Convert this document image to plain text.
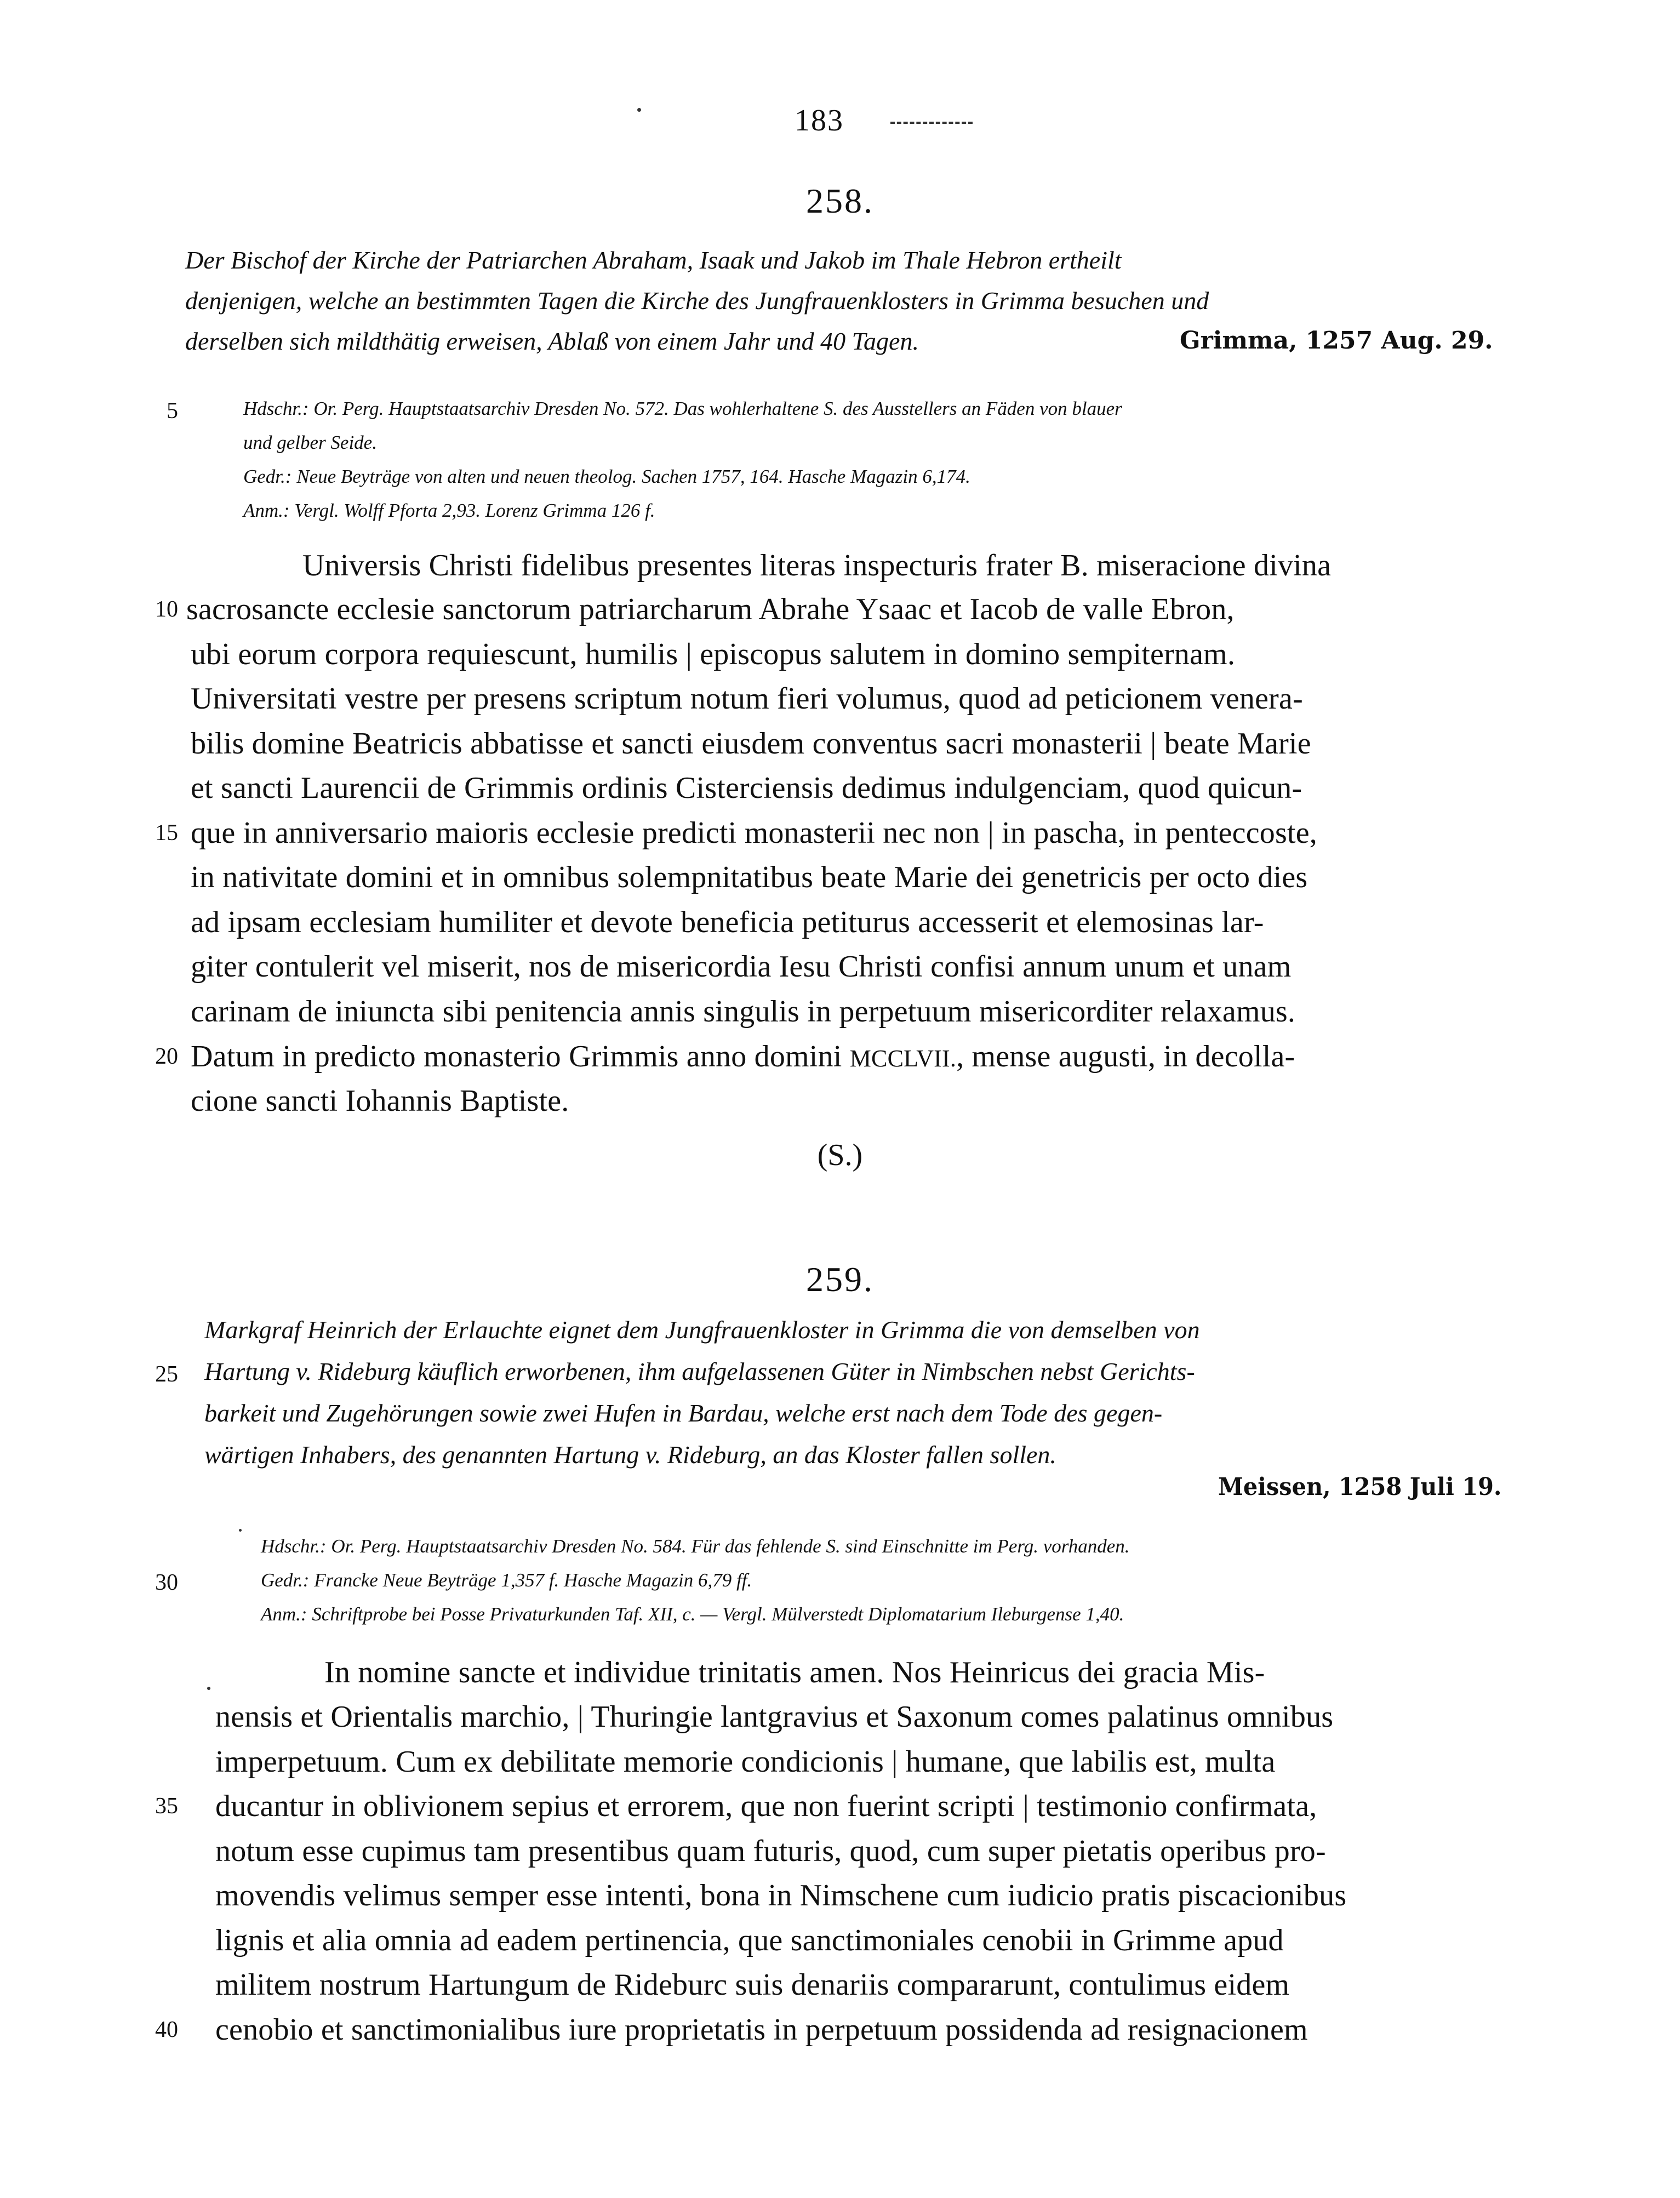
183
258.
Der Bischof der Kirche der Patriarchen Abraham, Isaak und Jakob im Thale Hebron ertheilt
denjenigen, welche an bestimmten Tagen die Kirche des Jungfrauenklosters in Grimma besuchen und
derselben sich mildthätig erweisen, Ablaß von einem Jahr und 40 Tagen.	Grimma, 1257 Aug. 29.
5	Hdschr.: Or. Perg. Hauptstaatsarchiv Dresden No. 572. Das wohlerhaltene S. des Ausstellers an Fäden von blauer
und gelber Seide.
Gedr.: Neue Beyträge von alten und neuen theolog. Sachen 1757, 164. Hasche Magazin 6,174.
Anm.: Vergl. Wolff Pforta 2,93. Lorenz Grimma 126 f.
Universis Christi fidelibus presentes literas inspecturis frater B. miseracione divina
10 sacrosancte ecclesie sanctorum patriarcharum Abrahe Ysaac et Iacob de valle Ebron,
ubi eorum corpora requiescunt, humilis | episcopus salutem in domino sempiternam.
Universitati vestre per presens scriptum notum fieri volumus, quod ad peticionem venera-
bilis domine Beatricis abbatisse et sancti eiusdem conventus sacri monasterii | beate Marie
et sancti Laurencii de Grimmis ordinis Cisterciensis dedimus indulgenciam, quod quicun-
15 que in anniversario maioris ecclesie predicti monasterii nec non | in pascha, in penteccoste,
in nativitate domini et in omnibus solempnitatibus beate Marie dei genetricis per octo dies
ad ipsam ecclesiam humiliter et devote beneficia petiturus accesserit et elemosinas lar-
giter contulerit vel miserit, nos de misericordia Iesu Christi confisi annum unum et unam
carinam de iniuncta sibi penitencia annis singulis in perpetuum misericorditer relaxamus.
20 Datum in predicto monasterio Grimmis anno domini MCCLVII., mense augusti, in decolla-
cione sancti Iohannis Baptiste.
(S.)
259.
Markgraf Heinrich der Erlauchte eignet dem Jungfrauenkloster in Grimma die von demselben von
25 Hartung v. Rideburg käuflich erworbenen, ihm aufgelassenen Güter in Nimbschen nebst Gerichts-
barkeit und Zugehörungen sowie zwei Hufen in Bardau, welche erst nach dem Tode des gegen-
wärtigen Inhabers, des genannten Hartung v. Rideburg, an das Kloster fallen sollen.
Meissen, 1258 Juli 19.
Hdschr.: Or. Perg. Hauptstaatsarchiv Dresden No. 584. Für das fehlende S. sind Einschnitte im Perg. vorhanden.
30	Gedr.: Francke Neue Beyträge 1,357 f. Hasche Magazin 6,79 ff.
Anm.: Schriftprobe bei Posse Privaturkunden Taf. XII, c. — Vergl. Mülverstedt Diplomatarium Ileburgense 1,40.
In nomine sancte et individue trinitatis amen. Nos Heinricus dei gracia Mis-
nensis et Orientalis marchio, | Thuringie lantgravius et Saxonum comes palatinus omnibus
imperpetuum. Cum ex debilitate memorie condicionis | humane, que labilis est, multa
35 ducantur in oblivionem sepius et errorem, que non fuerint scripti | testimonio confirmata,
notum esse cupimus tam presentibus quam futuris, quod, cum super pietatis operibus pro-
movendis velimus semper esse intenti, bona in Nimschene cum iudicio pratis piscacionibus
lignis et alia omnia ad eadem pertinencia, que sanctimoniales cenobii in Grimme apud
militem nostrum Hartungum de Rideburc suis denariis compararunt, contulimus eidem
40 cenobio et sanctimonialibus iure proprietatis in perpetuum possidenda ad resignacionem
